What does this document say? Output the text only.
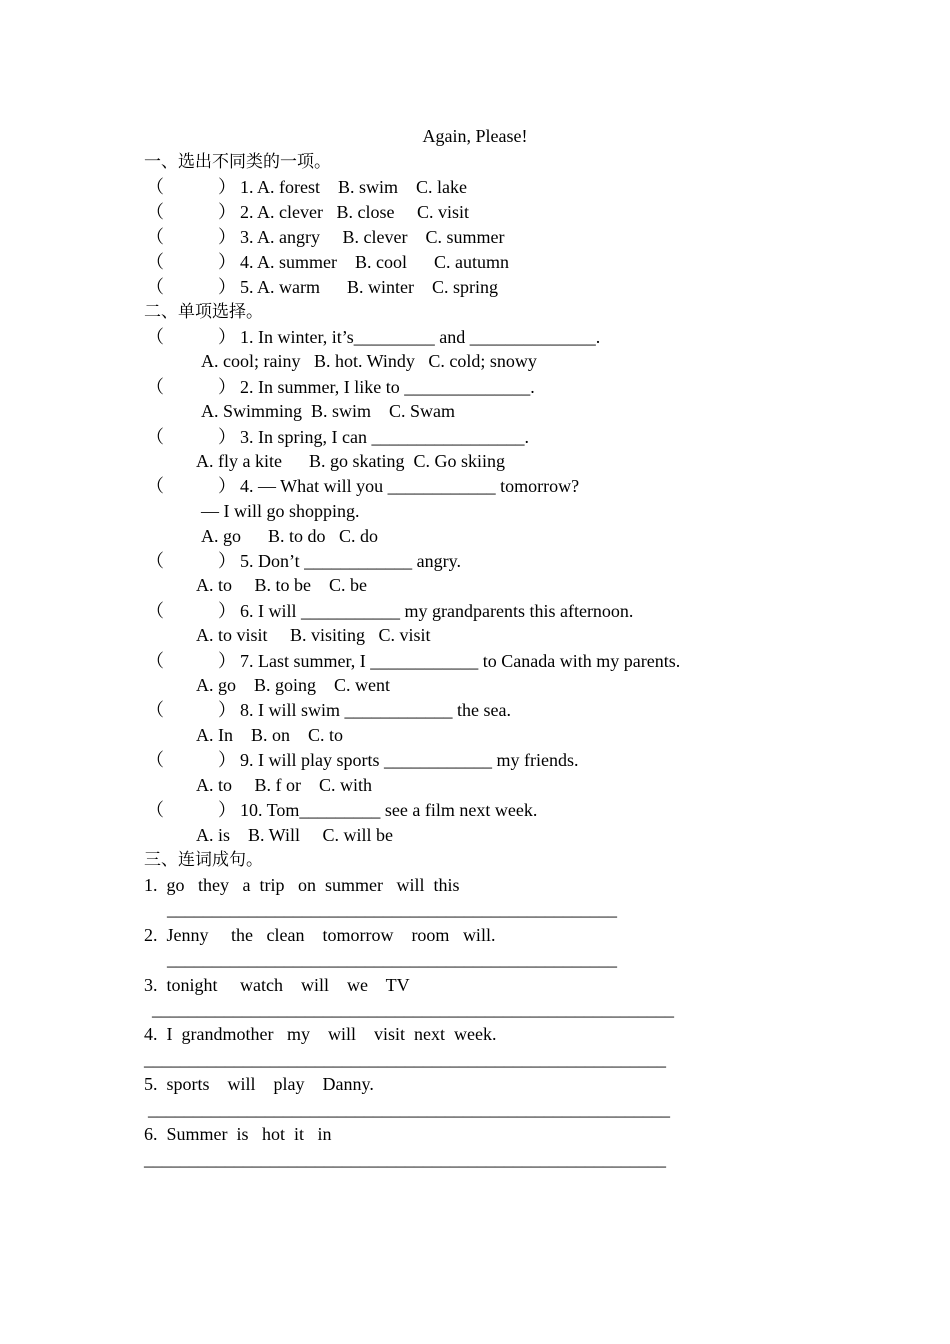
Again, Please!
一、选出不同类的一项。
二、单项选择。
三、连词成句。
（	） 1. A. forest    B. swim    C. lake
（	） 2. A. clever   B. close     C. visit
（	） 3. A. angry     B. clever    C. summer
（	） 4. A. summer    B. cool      C. autumn
（	） 5. A. warm      B. winter    C. spring
（	） 1. In winter, it’s_________ and ______________.
A. cool; rainy   B. hot. Windy   C. cold; snowy
（	） 2. In summer, I like to ______________.
A. Swimming  B. swim    C. Swam
（	） 3. In spring, I can _________________.
A. fly a kite      B. go skating  C. Go skiing
（	） 4. — What will you ____________ tomorrow?
— I will go shopping.
A. go      B. to do   C. do
（	） 5. Don’t ____________ angry.
A. to     B. to be    C. be
（	） 6. I will ___________ my grandparents this afternoon.
A. to visit     B. visiting   C. visit
（	） 7. Last summer, I ____________ to Canada with my parents.
A. go    B. going    C. went
（	） 8. I will swim ____________ the sea.
A. In    B. on    C. to
（	） 9. I will play sports ____________ my friends.
A. to     B. f or    C. with
（	） 10. Tom_________ see a film next week.
A. is    B. Will     C. will be
1.  go   they   a  trip   on  summer   will  this
__________________________________________________
2.  Jenny     the   clean    tomorrow    room   will.
__________________________________________________
3.  tonight     watch    will    we    TV
__________________________________________________________
4.  I  grandmother   my    will    visit  next  week.
__________________________________________________________
5.  sports    will    play    Danny.
__________________________________________________________
6.  Summer  is   hot  it   in
__________________________________________________________
